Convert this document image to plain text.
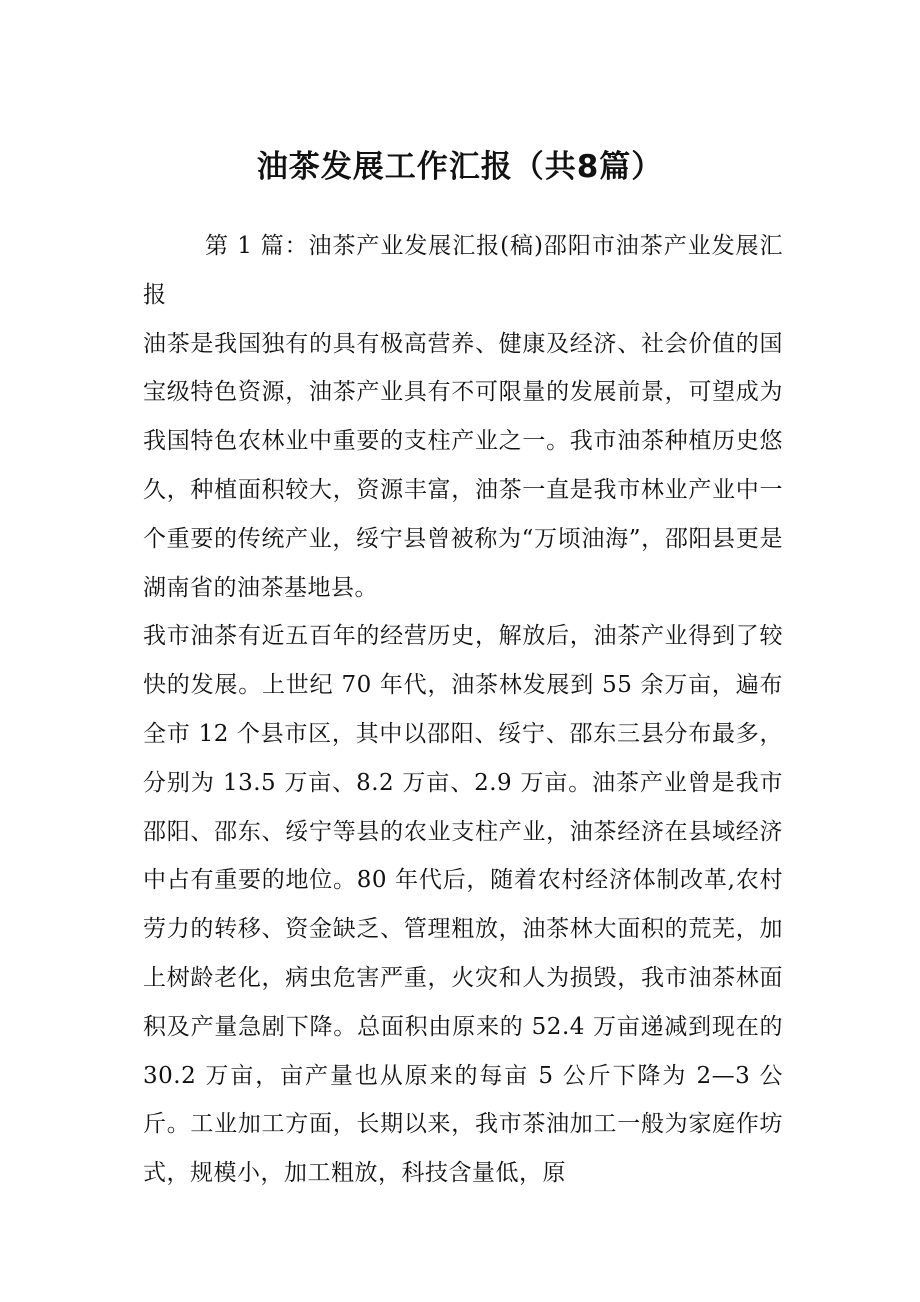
油茶发展工作汇报（共8篇）

第 1 篇：油茶产业发展汇报(稿)邵阳市油茶产业发展汇报

油茶是我国独有的具有极高营养、健康及经济、社会价值的国宝级特色资源，油茶产业具有不可限量的发展前景，可望成为我国特色农林业中重要的支柱产业之一。我市油茶种植历史悠久，种植面积较大，资源丰富，油茶一直是我市林业产业中一个重要的传统产业，绥宁县曾被称为“万顷油海”，邵阳县更是湖南省的油茶基地县。

我市油茶有近五百年的经营历史，解放后，油茶产业得到了较快的发展。上世纪 70 年代，油茶林发展到 55 余万亩，遍布全市 12 个县市区，其中以邵阳、绥宁、邵东三县分布最多，分别为 13.5 万亩、8.2 万亩、2.9 万亩。油茶产业曾是我市邵阳、邵东、绥宁等县的农业支柱产业，油茶经济在县域经济中占有重要的地位。80 年代后，随着农村经济体制改革,农村劳力的转移、资金缺乏、管理粗放，油茶林大面积的荒芜，加上树龄老化，病虫危害严重，火灾和人为损毁，我市油茶林面积及产量急剧下降。总面积由原来的 52.4 万亩递减到现在的 30.2 万亩，亩产量也从原来的每亩 5 公斤下降为 2—3 公斤。工业加工方面，长期以来，我市茶油加工一般为家庭作坊式，规模小，加工粗放，科技含量低，原
